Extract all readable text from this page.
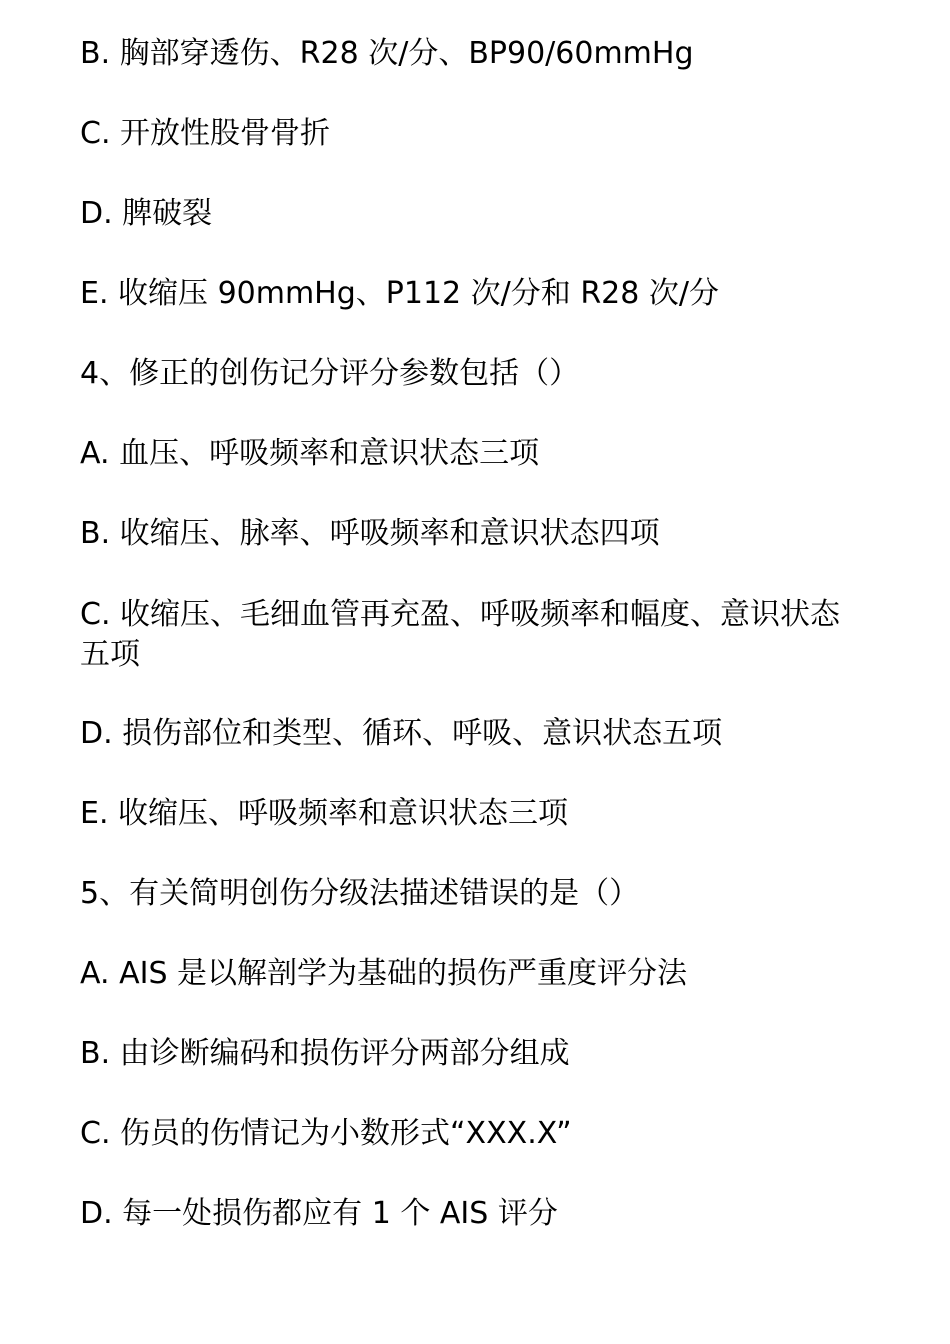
B. 胸部穿透伤、R28 次/分、BP90/60mmHg
C. 开放性股骨骨折
D. 脾破裂
E. 收缩压 90mmHg、P112 次/分和 R28 次/分
4、修正的创伤记分评分参数包括（）
A. 血压、呼吸频率和意识状态三项
B. 收缩压、脉率、呼吸频率和意识状态四项
C. 收缩压、毛细血管再充盈、呼吸频率和幅度、意识状态五项
D. 损伤部位和类型、循环、呼吸、意识状态五项
E. 收缩压、呼吸频率和意识状态三项
5、有关简明创伤分级法描述错误的是（）
A. AIS 是以解剖学为基础的损伤严重度评分法
B. 由诊断编码和损伤评分两部分组成
C. 伤员的伤情记为小数形式“XXX.X”
D. 每一处损伤都应有 1 个 AIS 评分
